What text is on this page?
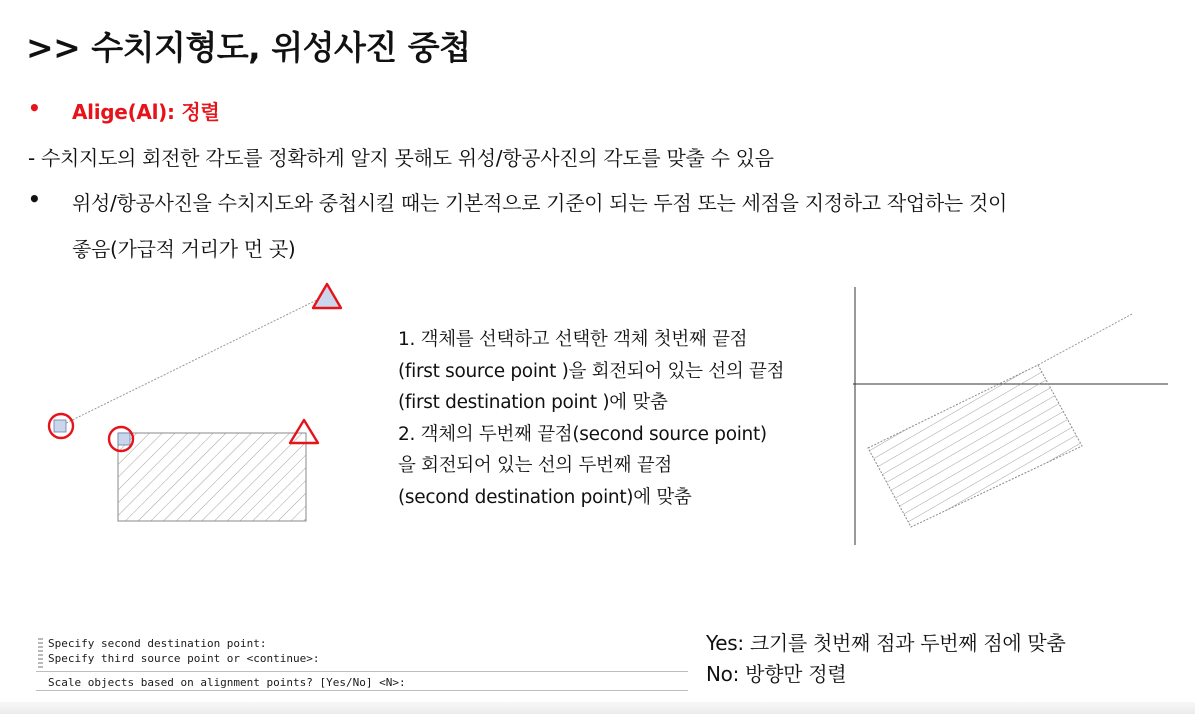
>> 수치지형도, 위성사진 중첩
• Alige(Al): 정렬
- 수치지도의 회전한 각도를 정확하게 알지 못해도 위성/항공사진의 각도를 맞출 수 있음
• 위성/항공사진을 수치지도와 중첩시킬 때는 기본적으로 기준이 되는 두점 또는 세점을 지정하고 작업하는 것이
좋음(가급적 거리가 먼 곳)
1. 객체를 선택하고 선택한 객체 첫번째 끝점
(first source point )을 회전되어 있는 선의 끝점
(first destination point )에 맞춤
2. 객체의 두번째 끝점(second source point)
을 회전되어 있는 선의 두번째 끝점
(second destination point)에 맞춤
Specify second destination point:
Specify third source point or <continue>:
Scale objects based on alignment points? [Yes/No] <N>:
Yes: 크기를 첫번째 점과 두번째 점에 맞춤
No: 방향만 정렬
